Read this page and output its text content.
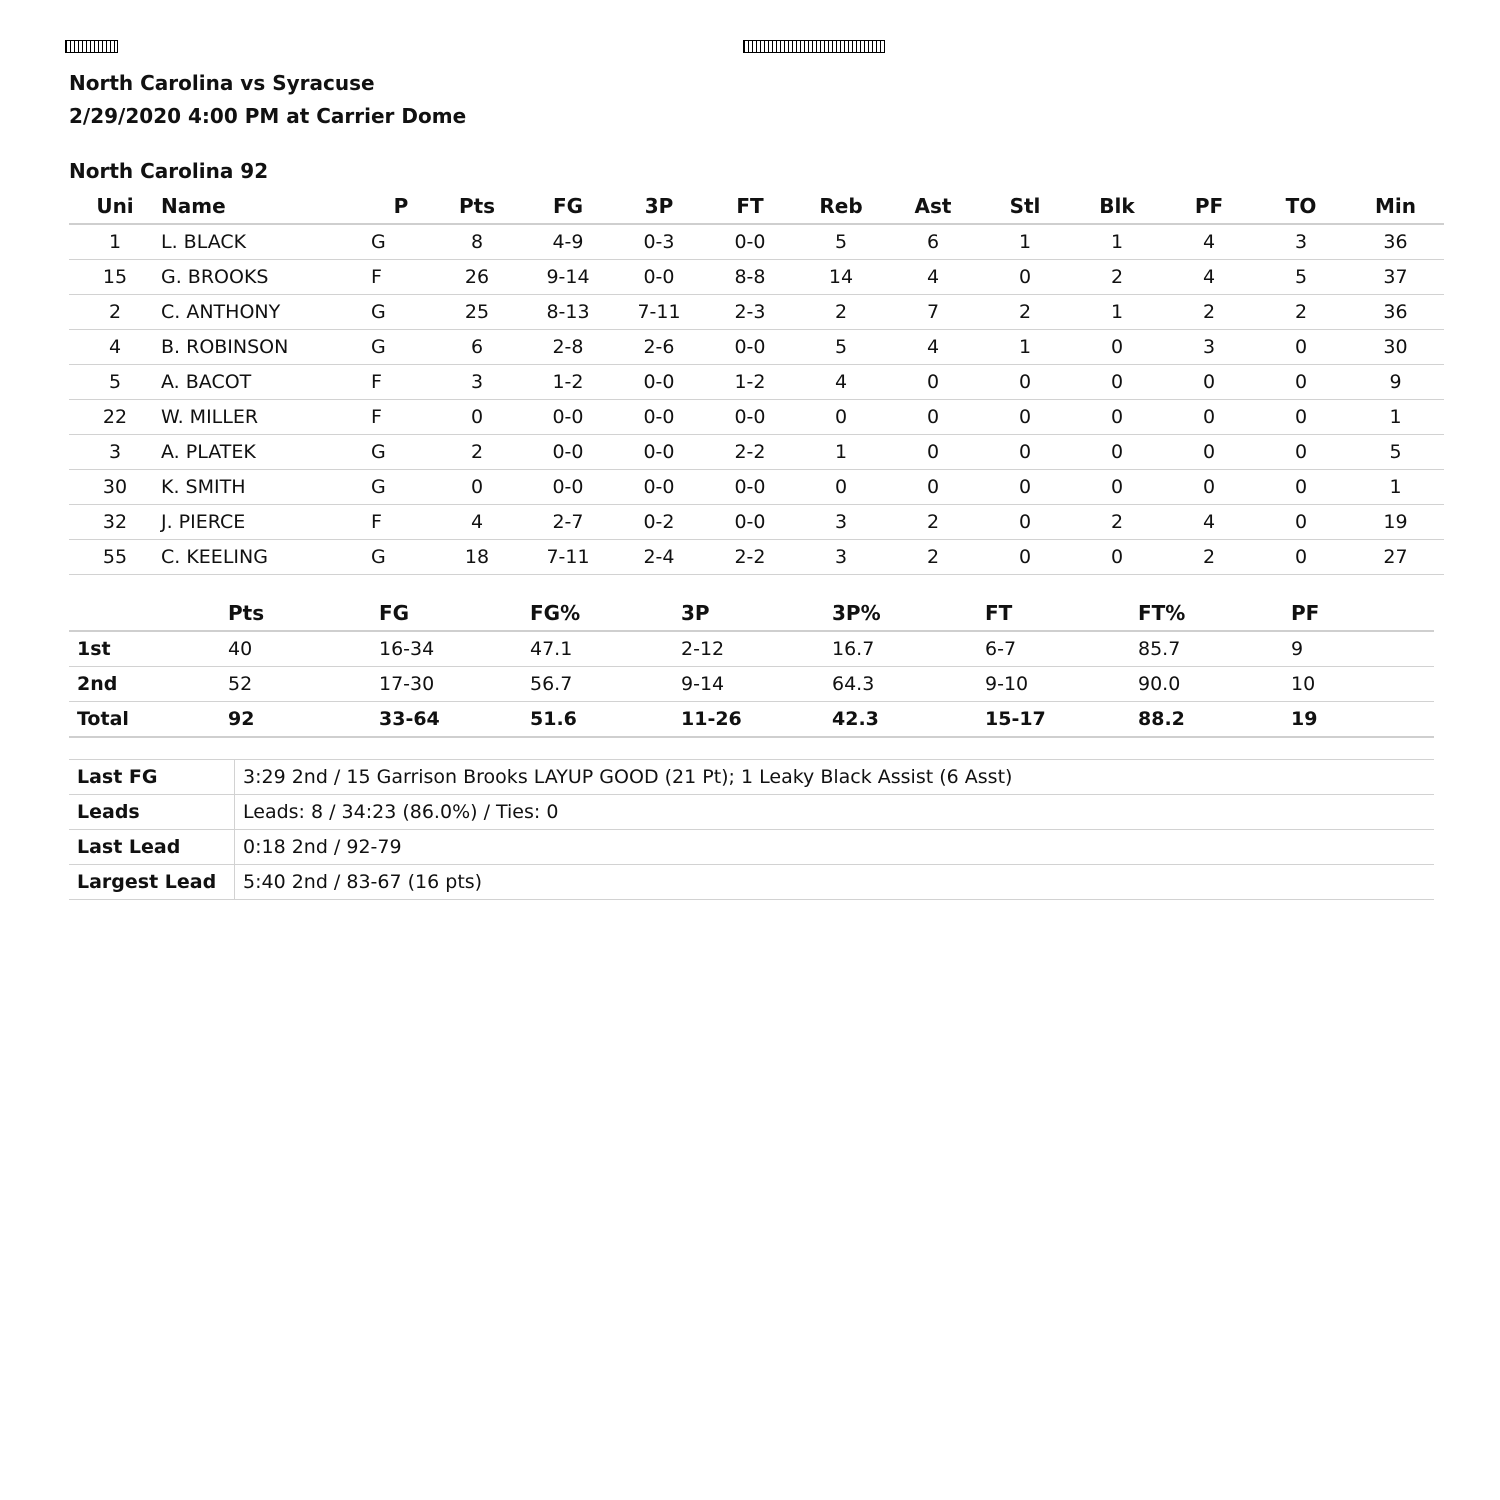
North Carolina vs Syracuse
2/29/2020 4:00 PM at Carrier Dome
North Carolina 92
Uni	Name	P	Pts	FG	3P	FT	Reb	Ast	Stl	Blk	PF	TO	Min
1	L. BLACK	G	8	4-9	0-3	0-0	5	6	1	1	4	3	36
15	G. BROOKS	F	26	9-14	0-0	8-8	14	4	0	2	4	5	37
2	C. ANTHONY	G	25	8-13	7-11	2-3	2	7	2	1	2	2	36
4	B. ROBINSON	G	6	2-8	2-6	0-0	5	4	1	0	3	0	30
5	A. BACOT	F	3	1-2	0-0	1-2	4	0	0	0	0	0	9
22	W. MILLER	F	0	0-0	0-0	0-0	0	0	0	0	0	0	1
3	A. PLATEK	G	2	0-0	0-0	2-2	1	0	0	0	0	0	5
30	K. SMITH	G	0	0-0	0-0	0-0	0	0	0	0	0	0	1
32	J. PIERCE	F	4	2-7	0-2	0-0	3	2	0	2	4	0	19
55	C. KEELING	G	18	7-11	2-4	2-2	3	2	0	0	2	0	27
	Pts	FG	FG%	3P	3P%	FT	FT%	PF
1st	40	16-34	47.1	2-12	16.7	6-7	85.7	9
2nd	52	17-30	56.7	9-14	64.3	9-10	90.0	10
Total	92	33-64	51.6	11-26	42.3	15-17	88.2	19
Last FG	3:29 2nd / 15 Garrison Brooks LAYUP GOOD (21 Pt); 1 Leaky Black Assist (6 Asst)
Leads	Leads: 8 / 34:23 (86.0%) / Ties: 0
Last Lead	0:18 2nd / 92-79
Largest Lead	5:40 2nd / 83-67 (16 pts)
